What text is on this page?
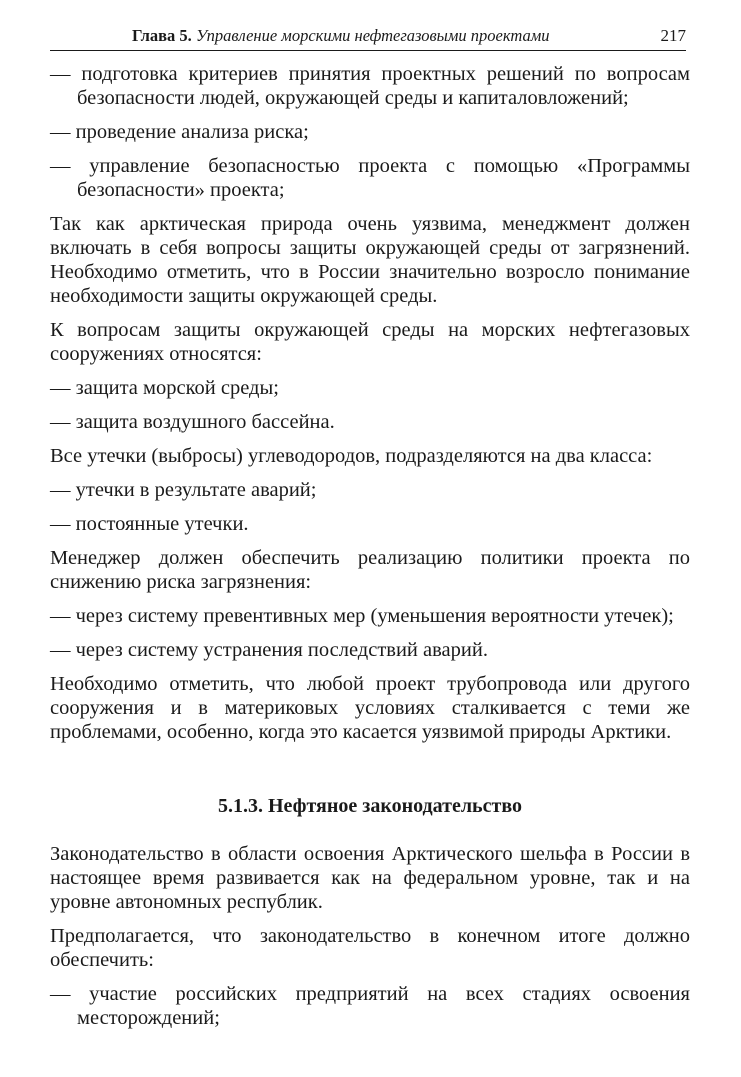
Глава 5. Управление морскими нефтегазовыми проектами	217

— подготовка критериев принятия проектных решений по вопросам безопасности людей, окружающей среды и капиталовложений;

— проведение анализа риска;

— управление безопасностью проекта с помощью «Программы безопасности» проекта;

Так как арктическая природа очень уязвима, менеджмент должен включать в себя вопросы защиты окружающей среды от загрязнений. Необходимо отметить, что в России значительно возросло понимание необходимости защиты окружающей среды.

К вопросам защиты окружающей среды на морских нефтегазовых сооружениях относятся:

— защита морской среды;

— защита воздушного бассейна.

Все утечки (выбросы) углеводородов, подразделяются на два класса:

— утечки в результате аварий;

— постоянные утечки.

Менеджер должен обеспечить реализацию политики проекта по снижению риска загрязнения:

— через систему превентивных мер (уменьшения вероятности утечек);

— через систему устранения последствий аварий.

Необходимо отметить, что любой проект трубопровода или другого сооружения и в материковых условиях сталкивается с теми же проблемами, особенно, когда это касается уязвимой природы Арктики.

5.1.3. Нефтяное законодательство

Законодательство в области освоения Арктического шельфа в России в настоящее время развивается как на федеральном уровне, так и на уровне автономных республик.

Предполагается, что законодательство в конечном итоге должно обеспечить:

— участие российских предприятий на всех стадиях освоения месторождений;
